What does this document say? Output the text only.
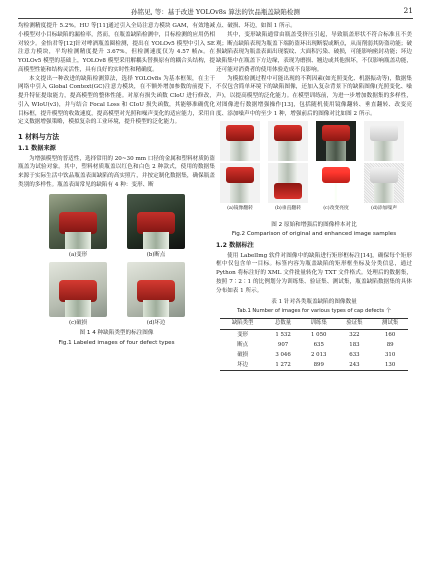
孙铭见, 等：基于改进 YOLOv8s 算法的饮品瓶盖缺陷检测	21

均检测精度提升 5.2%。HU 等[11]通过引入全局注意力模块 GAM，有效地减小模型对小目标缺陷的漏检率，然而，在瓶盖缺陷检测中，目标检测的应用仍相对较少。金怡君等[12]针对啤酒瓶盖圈检测，提出在 YOLOv5 模型中引入 SE 注意力模块，平均检测精度提升 3.67%，但检测速度仅为 4.57 帧/s。在 YOLOv5 模型的基础上，YOLOv8 模型采用解耦头替换原有的耦合头结构，提高模型性能和结构灵活性，具有良好的实时性和精确度。

本文提出一种改进的缺陷检测算法，选择 YOLOv8s 为基本框架，在主干网络中引入 Global Context(GC)注意力模块，在不额外增加参数的前提下，提升特征提取能力，提高模型的整体性能。对原有损失函数 CIoU 进行修改，引入 WIoU(v3)，并与结合 Focal Loss 和 CIoU 损失函数，其能够准确优化目标框，提升模型的收敛速度，提高模型对光照和噪声变化的适应能力，采用自定义数据增强策略，模拟复杂的工业环境，提升模型的泛化能力。

1 材料与方法
1.1 数据来源

为增强模型的普适性，选择常用的 20~30 mm 口径的金属和塑料材质防盗瓶盖为试验对象。其中，塑料材质瓶盖以红色和白色 2 种款式，使用的数据集来源于实际生活中饮品瓶盖表面缺陷的高实照片，并按定制化数据集，确保瓶盖类别的多样性。瓶盖表面常见的缺陷有 4 种：变形、断

(a)变形	(b)断点
(c)破损	(d)坏边
图 1 4 种缺陷类型的标注图像
Fig.1 Labeled images of four defect types

点、破损、坏边，如图 1 所示。

其中，变形缺陷通常由瓶盖受挤压引起，导致瓶盖形状不符合标准且不美观；断点缺陷表现为瓶盖下端防盗环出现断裂或断点，从而削弱其防盗功能；破损缺陷表现为瓶盖表面出现裂纹、大面积污染、破损，可能影响密封功能；坏边缺陷集中在瓶盖下方边缘，表现为磨损、翘边或其他损坏，不仅影响瓶盖功能，还可能对消费者的使用体验造成不良影响。

为模拟检测过程中可能出现的不利因素(如光照变化、机器振动等)，数据集不仅包含简单环境下的缺陷图像，还加入复杂背景下的缺陷图像(光照变化、噪声)，以提高模型的泛化能力。在模型训练前，为进一步增加数据集的多样性，对图像进行数据增强操作[13]，包括随机使用镜像翻转、垂直翻转、改变亮度、添加噪声中的至少 1 种，增强前后的图像对比如图 2 所示。

(a)镜像翻转	(b)垂直翻转	(c)改变亮度	(d)添加噪声
图 2 原始和增强后的图像样本对比
Fig.2 Comparison of original and enhanced image samples
1.2 数据标注

使用 LabelImg 软件对图像中的缺陷进行矩形框标注[14]，确保每个矩形框中仅包含单一目标。标签内容为瓶盖缺陷的矩形框坐标及分类信息，通过 Python 将标注好的 XML 文件批量转化为 TXT 文件格式。处理后的数据集，按照 7∶2∶1 的比例划分为训练集、验证集、测试集，瓶盖缺陷数据集的具体分布如表 1 所示。

表 1 针对各类瓶盖缺陷的图像数量
Tab.1 Number of images for various types of cap defects 个
缺陷类型	总数量	训练集	验证集	测试集
变形	1 532	1 050	322	160
断点	907	635	183	89
破损	3 046	2 013	633	310
坏边	1 272	899	243	130
